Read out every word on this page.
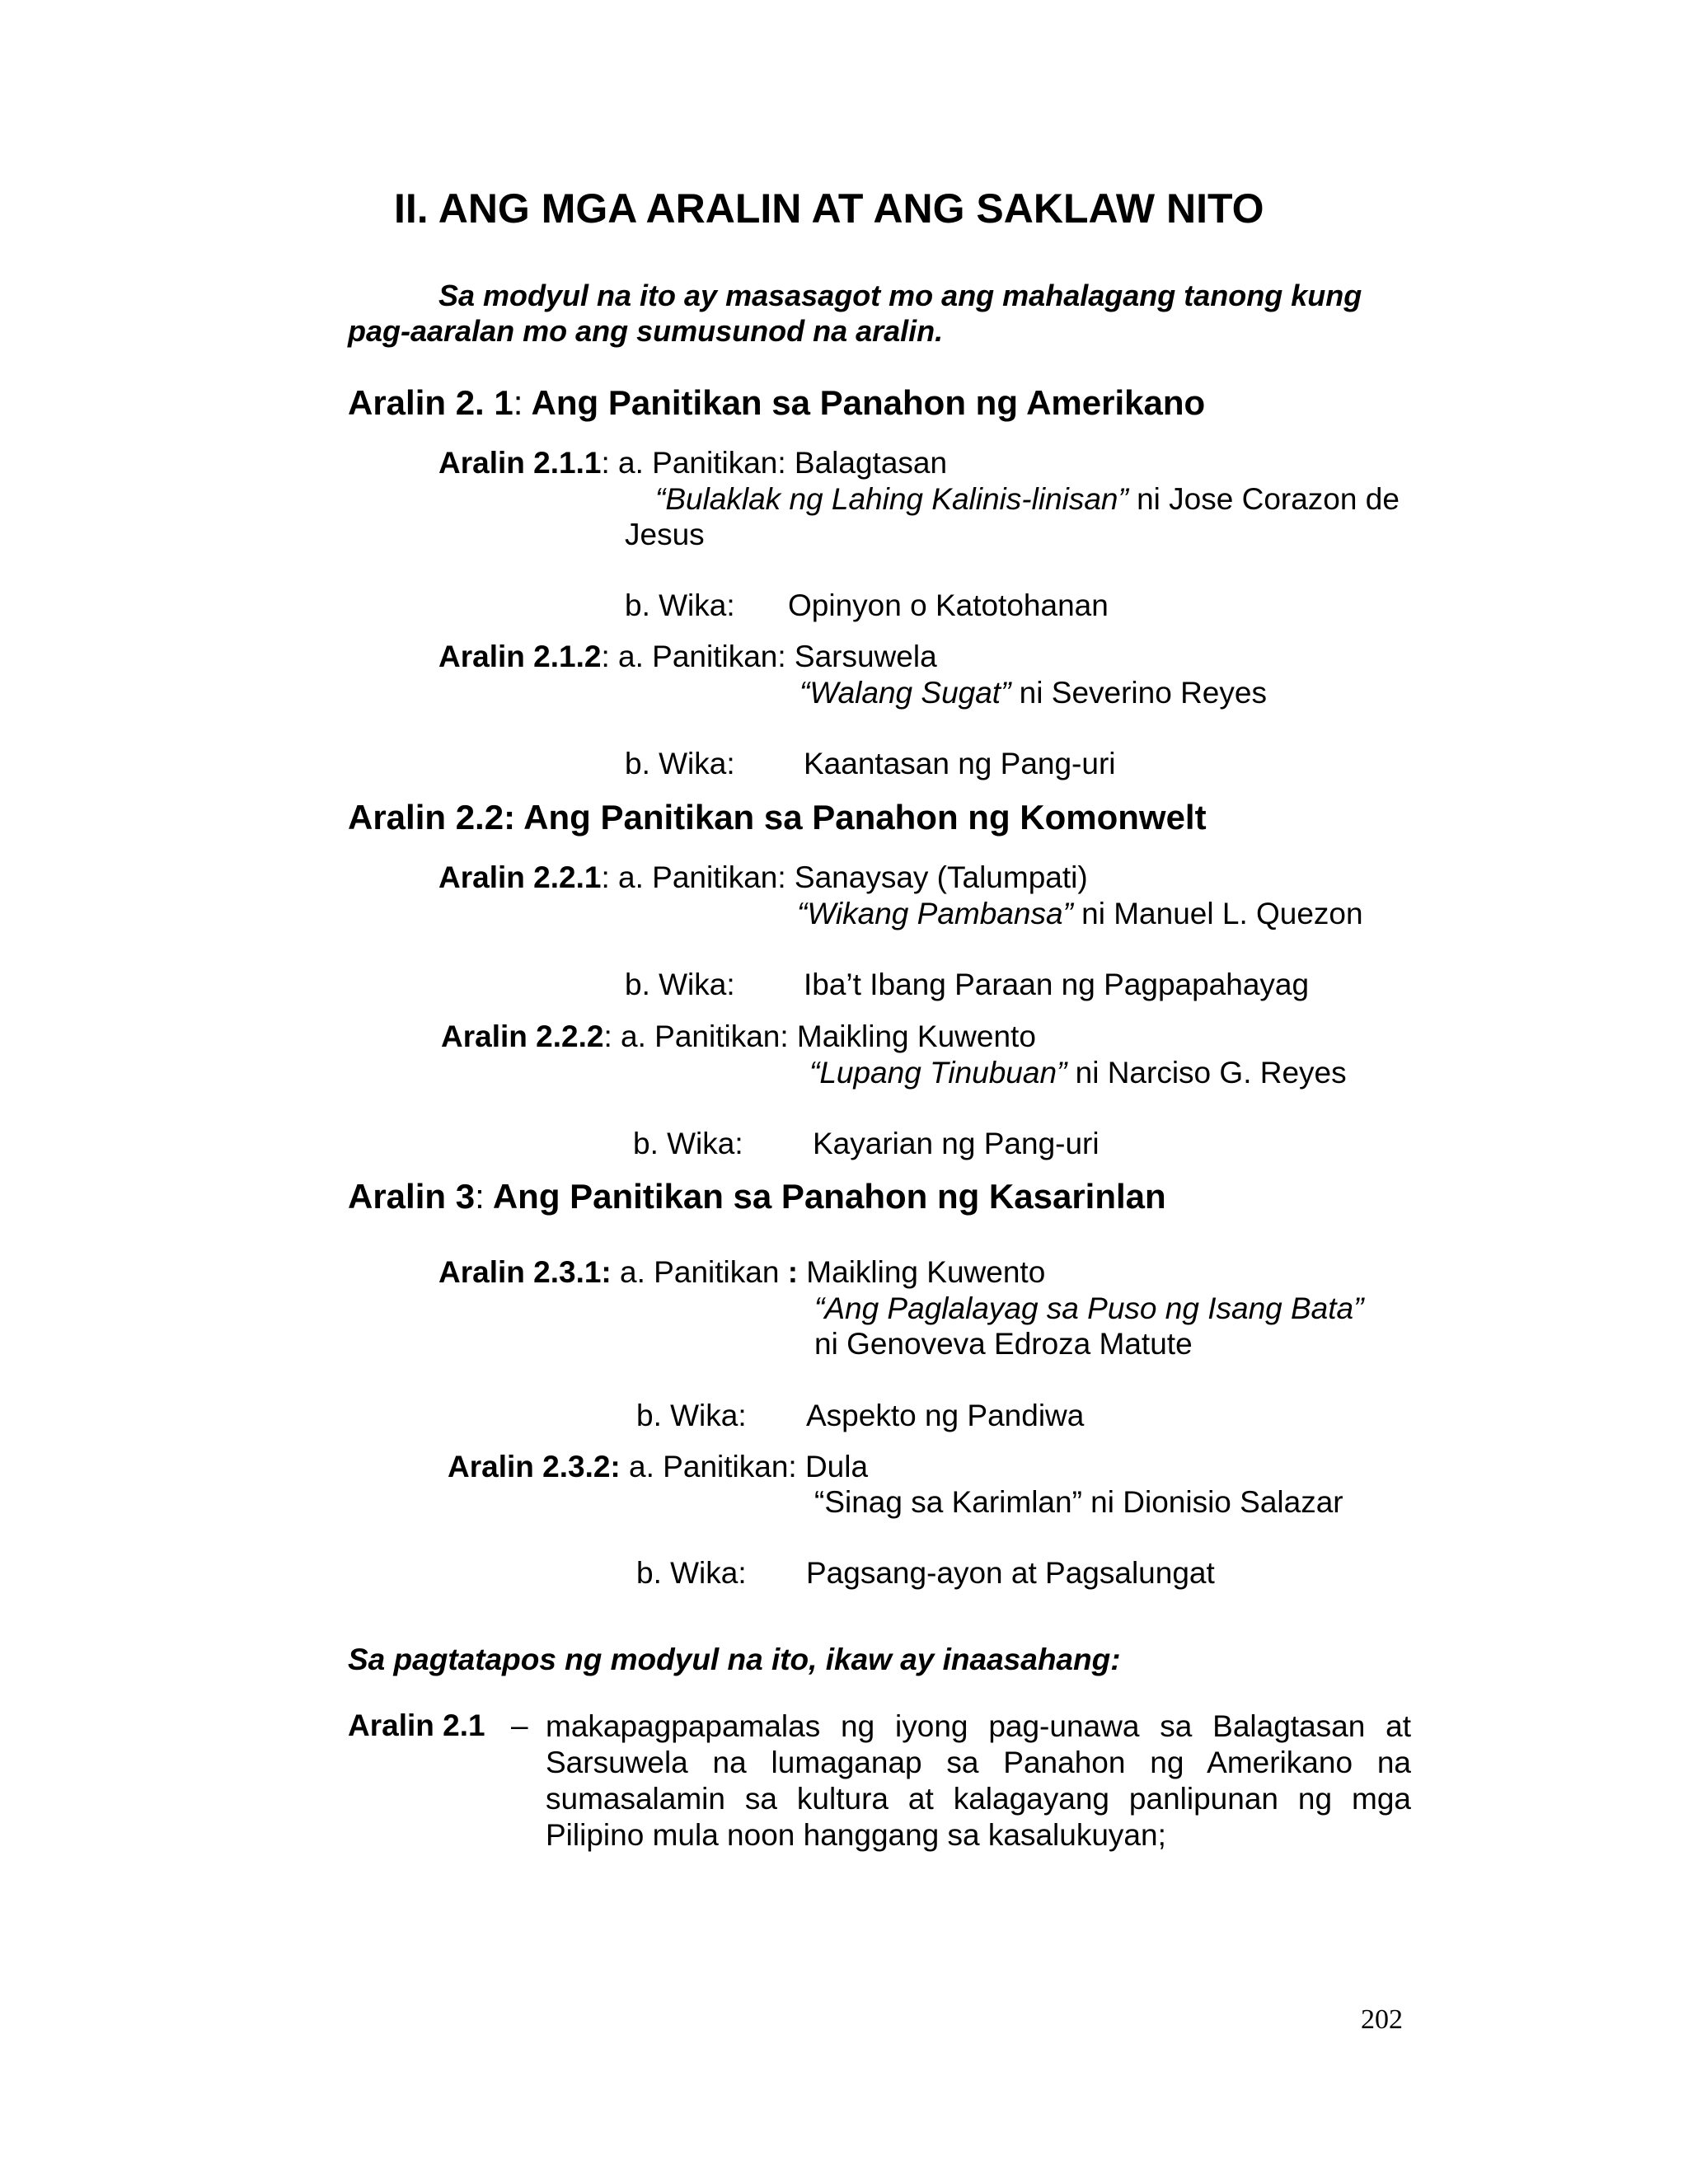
II. ANG MGA ARALIN AT ANG SAKLAW NITO
Sa modyul na ito ay masasagot mo ang mahalagang tanong kung
pag-aaralan mo ang sumusunod na aralin.
Aralin 2. 1: Ang Panitikan sa Panahon ng Amerikano
Aralin 2.1.1: a. Panitikan: Balagtasan
“Bulaklak ng Lahing Kalinis-linisan” ni Jose Corazon de
Jesus
b. Wika: Opinyon o Katotohanan
Aralin 2.1.2: a. Panitikan: Sarsuwela
“Walang Sugat” ni Severino Reyes
b. Wika: Kaantasan ng Pang-uri
Aralin 2.2: Ang Panitikan sa Panahon ng Komonwelt
Aralin 2.2.1: a. Panitikan: Sanaysay (Talumpati)
“Wikang Pambansa” ni Manuel L. Quezon
b. Wika: Iba’t Ibang Paraan ng Pagpapahayag
Aralin 2.2.2: a. Panitikan: Maikling Kuwento
“Lupang Tinubuan” ni Narciso G. Reyes
b. Wika: Kayarian ng Pang-uri
Aralin 3: Ang Panitikan sa Panahon ng Kasarinlan
Aralin 2.3.1: a. Panitikan : Maikling Kuwento
“Ang Paglalayag sa Puso ng Isang Bata”
ni Genoveva Edroza Matute
b. Wika: Aspekto ng Pandiwa
Aralin 2.3.2: a. Panitikan: Dula
“Sinag sa Karimlan” ni Dionisio Salazar
b. Wika: Pagsang-ayon at Pagsalungat
Sa pagtatapos ng modyul na ito, ikaw ay inaasahang:
Aralin 2.1 – makapagpapamalas ng iyong pag-unawa sa Balagtasan at Sarsuwela na lumaganap sa Panahon ng Amerikano na sumasalamin sa kultura at kalagayang panlipunan ng mga Pilipino mula noon hanggang sa kasalukuyan;
202
